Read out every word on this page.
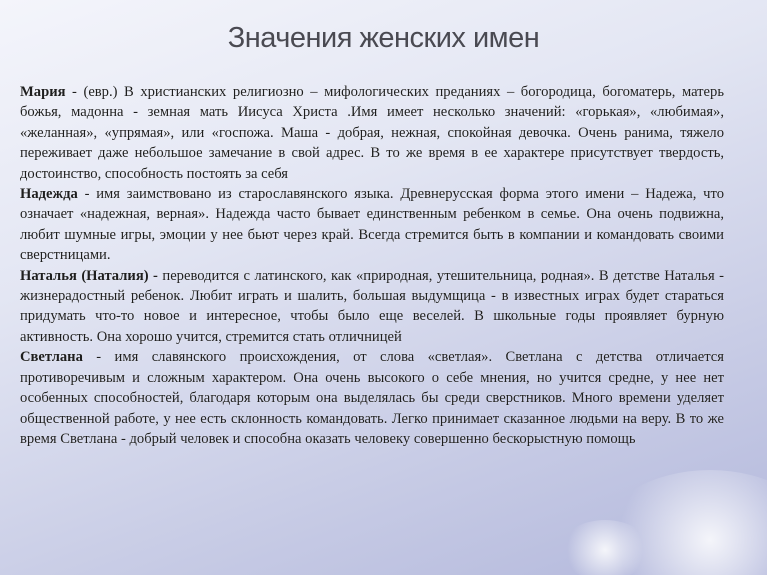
Значения женских имен

Мария - (евр.) В христианских религиозно – мифологических преданиях – богородица, богоматерь, матерь божья, мадонна - земная мать Иисуса Христа .Имя имеет несколько значений: «горькая», «любимая», «желанная», «упрямая», или «госпожа. Маша - добрая, нежная, спокойная девочка. Очень ранима, тяжело переживает даже небольшое замечание в свой адрес. В то же время в ее характере присутствует твердость, достоинство, способность постоять за себя

Надежда - имя заимствовано из старославянского языка. Древнерусская форма этого имени – Надежа, что означает «надежная, верная». Надежда часто бывает единственным ребенком в семье. Она очень подвижна, любит шумные игры, эмоции у нее бьют через край. Всегда стремится быть в компании и командовать своими сверстницами.

Наталья (Наталия) - переводится с латинского, как «природная, утешительница, родная». В детстве Наталья - жизнерадостный ребенок. Любит играть и шалить, большая выдумщица - в известных играх будет стараться придумать что-то новое и интересное, чтобы было еще веселей. В школьные годы проявляет бурную активность. Она хорошо учится, стремится стать отличницей

Светлана - имя славянского происхождения, от слова «светлая». Светлана с детства отличается противоречивым и сложным характером. Она очень высокого о себе мнения, но учится средне, у нее нет особенных способностей, благодаря которым она выделялась бы среди сверстников. Много времени уделяет общественной работе, у нее есть склонность командовать. Легко принимает сказанное людьми на веру. В то же время Светлана - добрый человек и способна оказать человеку совершенно бескорыстную помощь
